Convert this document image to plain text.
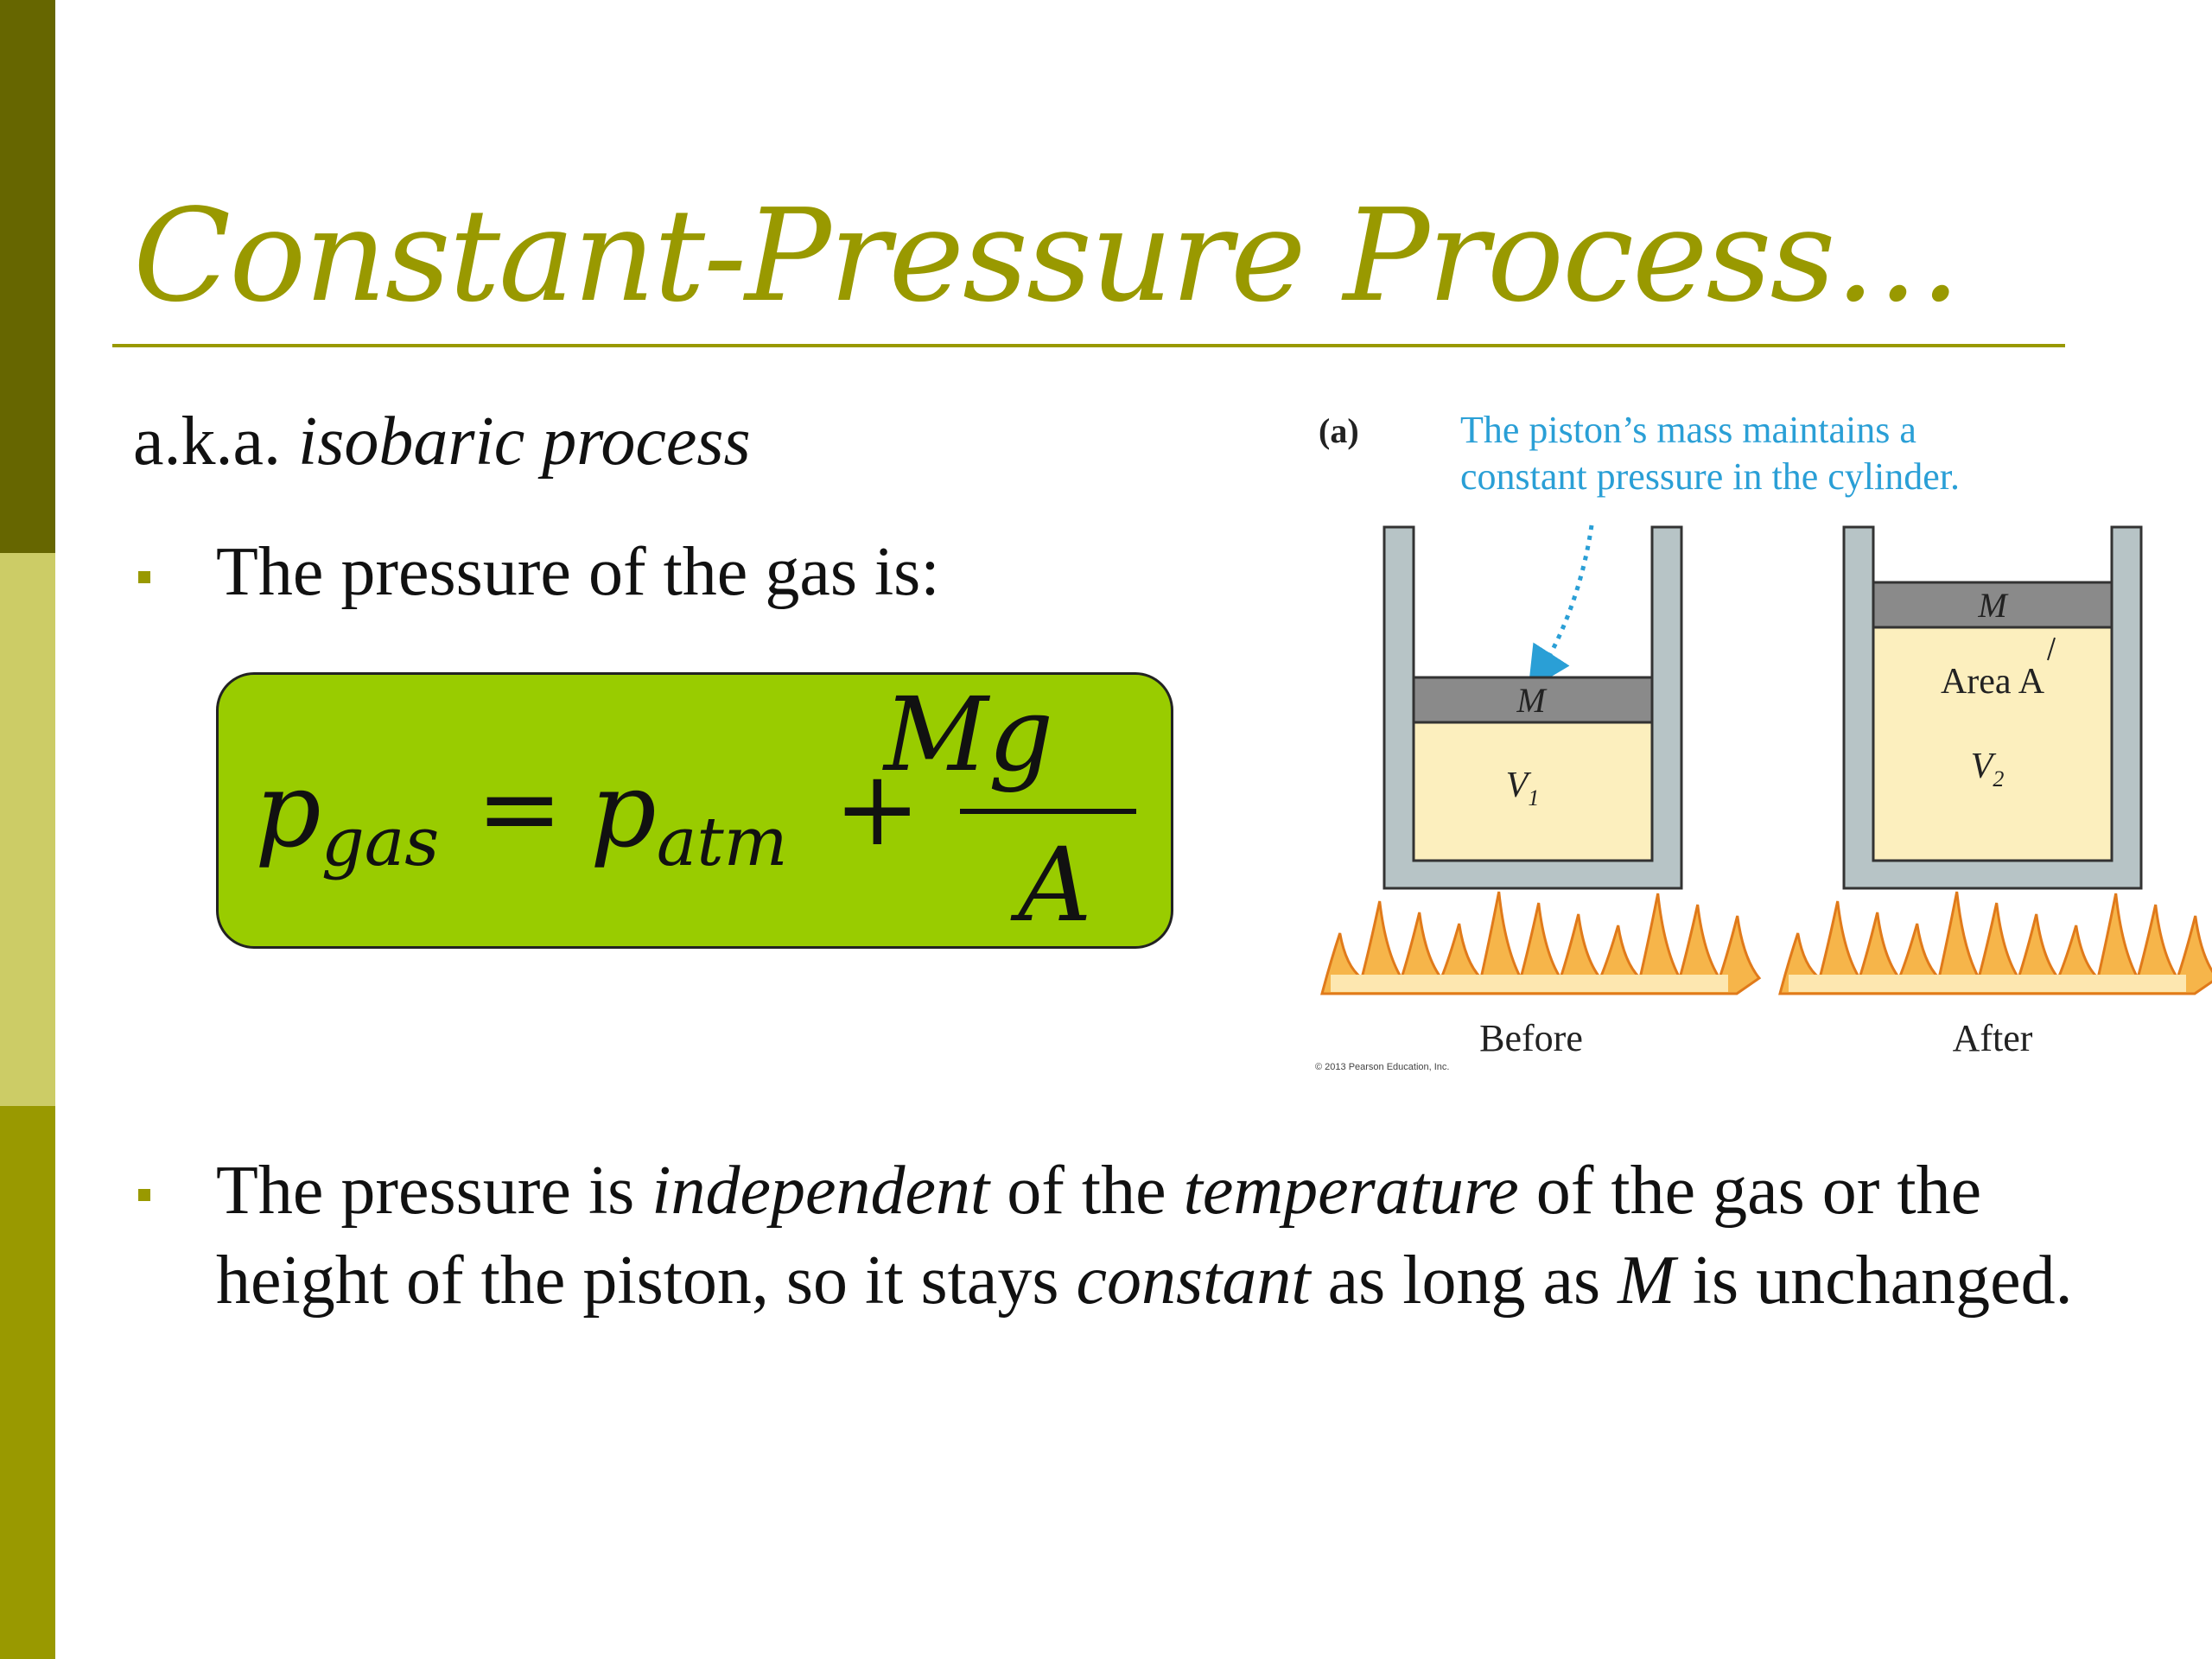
Constant-Pressure Process…
a.k.a. isobaric process
The pressure of the gas is:
pgas = patm +
Mg
A
(a)	The piston’s mass maintains a
constant pressure in the cylinder.
M
$V_1$
M
Area A
$V_2$
Before	After
© 2013 Pearson Education, Inc.
The pressure is independent of the temperature of the gas or the height of the piston, so it stays constant as long as M is unchanged.
